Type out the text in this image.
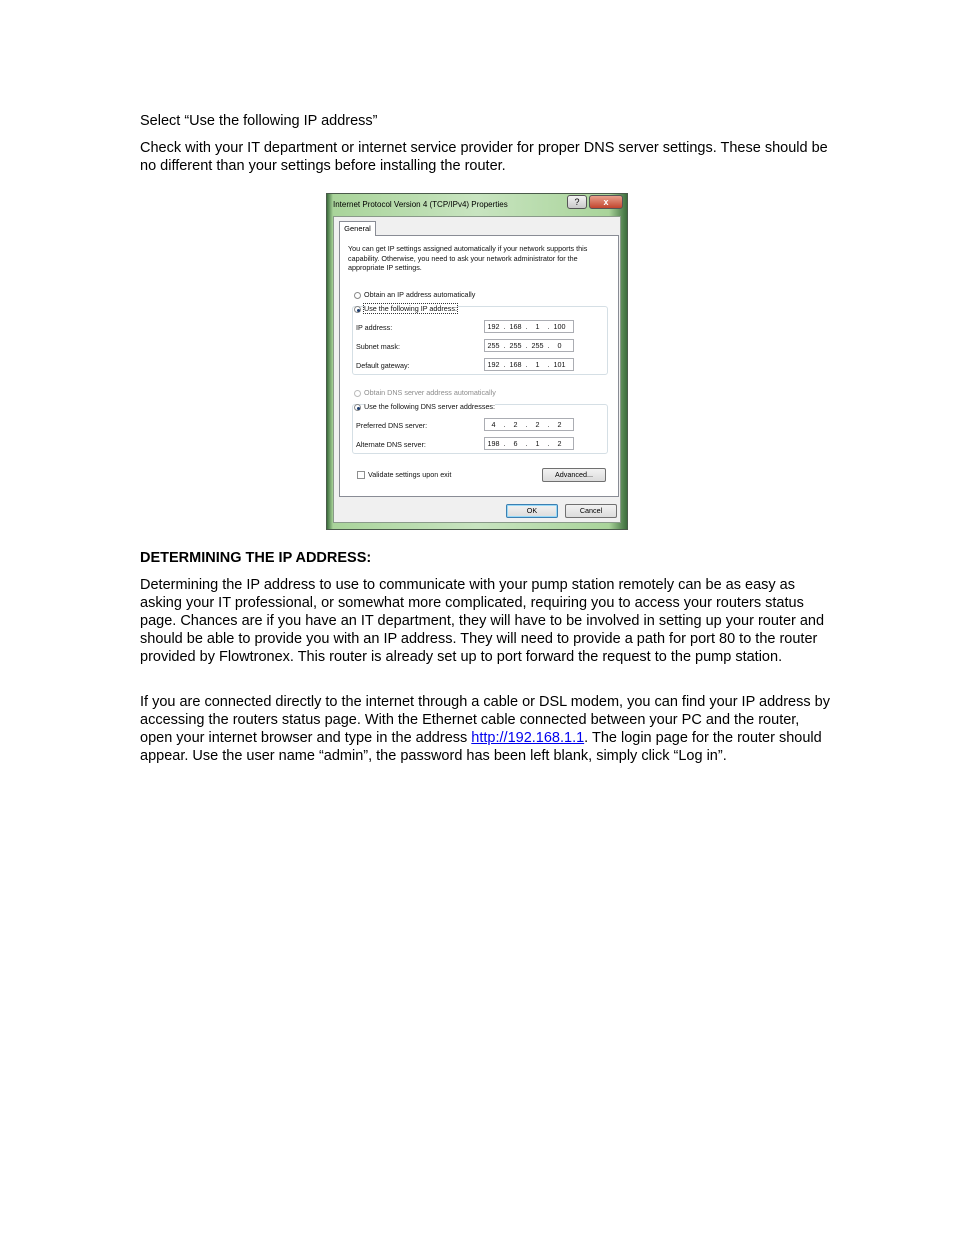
Select “Use the following IP address”

Check with your IT department or internet service provider for proper DNS server settings. These should be no different than your settings before installing the router.

Internet Protocol Version 4 (TCP/IPv4) Properties	?	x
General
You can get IP settings assigned automatically if your network supports this capability. Otherwise, you need to ask your network administrator for the appropriate IP settings.
Obtain an IP address automatically
Use the following IP address:
IP address:	192 . 168 .	1	. 100
Subnet mask:	255 . 255 . 255 .	0
Default gateway:	192 . 168 .	1	. 101
Obtain DNS server address automatically
Use the following DNS server addresses:
Preferred DNS server:	4	.	2	.	2	.	2
Alternate DNS server:	198 .	6	.	1	.	2
Validate settings upon exit	Advanced...
OK	Cancel

DETERMINING THE IP ADDRESS:

Determining the IP address to use to communicate with your pump station remotely can be as easy as asking your IT professional, or somewhat more complicated, requiring you to access your routers status page. Chances are if you have an IT department, they will have to be involved in setting up your router and should be able to provide you with an IP address. They will need to provide a path for port 80 to the router provided by Flowtronex. This router is already set up to port forward the request to the pump station.

If you are connected directly to the internet through a cable or DSL modem, you can find your IP address by accessing the routers status page. With the Ethernet cable connected between your PC and the router, open your internet browser and type in the address http://192.168.1.1. The login page for the router should appear. Use the user name “admin”, the password has been left blank, simply click “Log in”.
